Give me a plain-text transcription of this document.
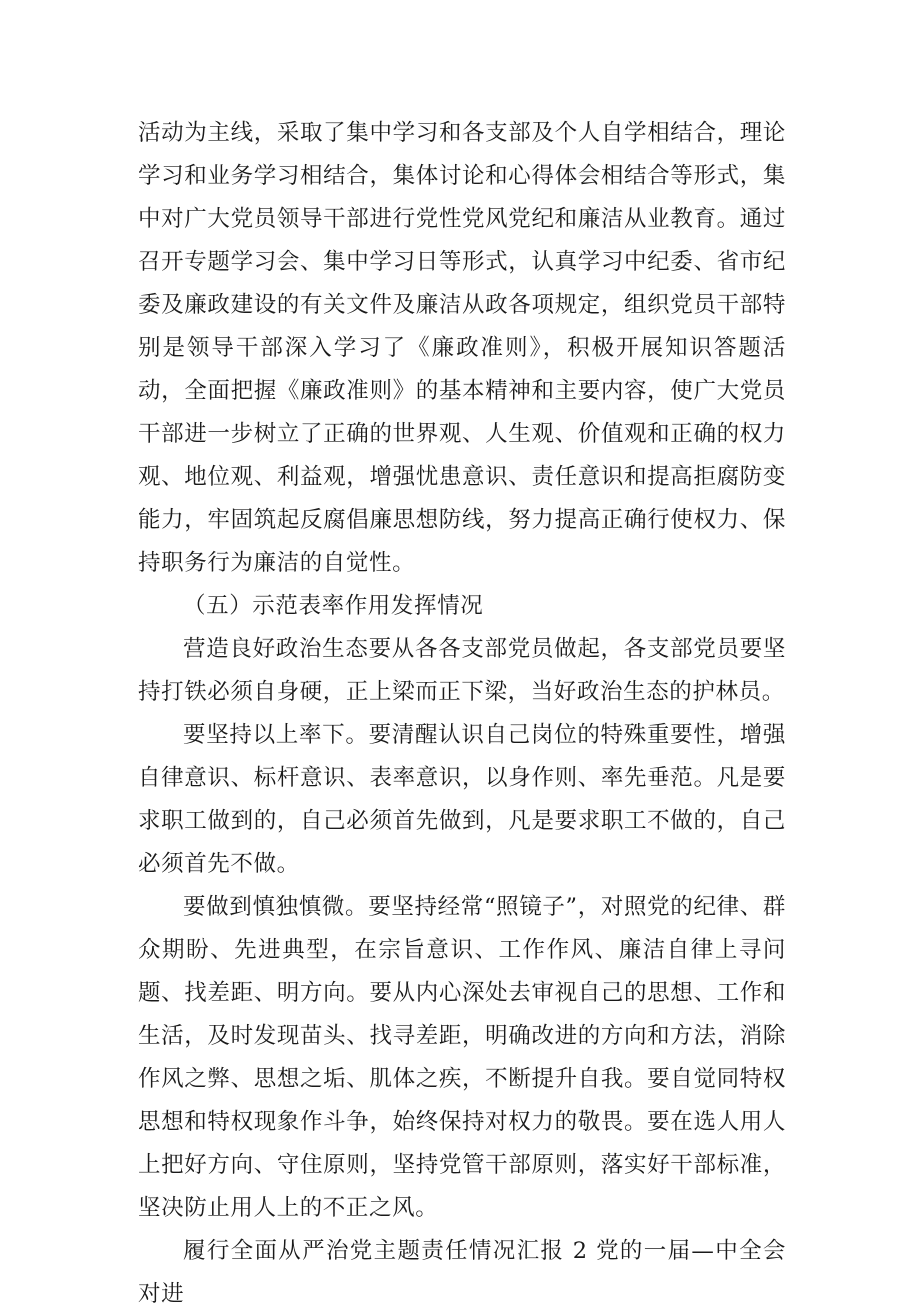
活动为主线，采取了集中学习和各支部及个人自学相结合，理论学习和业务学习相结合，集体讨论和心得体会相结合等形式，集中对广大党员领导干部进行党性党风党纪和廉洁从业教育。通过召开专题学习会、集中学习日等形式，认真学习中纪委、省市纪委及廉政建设的有关文件及廉洁从政各项规定，组织党员干部特别是领导干部深入学习了《廉政准则》，积极开展知识答题活动，全面把握《廉政准则》的基本精神和主要内容，使广大党员干部进一步树立了正确的世界观、人生观、价值观和正确的权力观、地位观、利益观，增强忧患意识、责任意识和提高拒腐防变能力，牢固筑起反腐倡廉思想防线，努力提高正确行使权力、保持职务行为廉洁的自觉性。

（五）示范表率作用发挥情况

营造良好政治生态要从各各支部党员做起，各支部党员要坚持打铁必须自身硬，正上梁而正下梁，当好政治生态的护林员。

要坚持以上率下。要清醒认识自己岗位的特殊重要性，增强自律意识、标杆意识、表率意识，以身作则、率先垂范。凡是要求职工做到的，自己必须首先做到，凡是要求职工不做的，自己必须首先不做。

要做到慎独慎微。要坚持经常“照镜子”，对照党的纪律、群众期盼、先进典型，在宗旨意识、工作作风、廉洁自律上寻问题、找差距、明方向。要从内心深处去审视自己的思想、工作和生活，及时发现苗头、找寻差距，明确改进的方向和方法，消除作风之弊、思想之垢、肌体之疾，不断提升自我。要自觉同特权思想和特权现象作斗争，始终保持对权力的敬畏。要在选人用人上把好方向、守住原则，坚持党管干部原则，落实好干部标准，坚决防止用人上的不正之风。

履行全面从严治党主题责任情况汇报 2 党的一届—中全会对进
